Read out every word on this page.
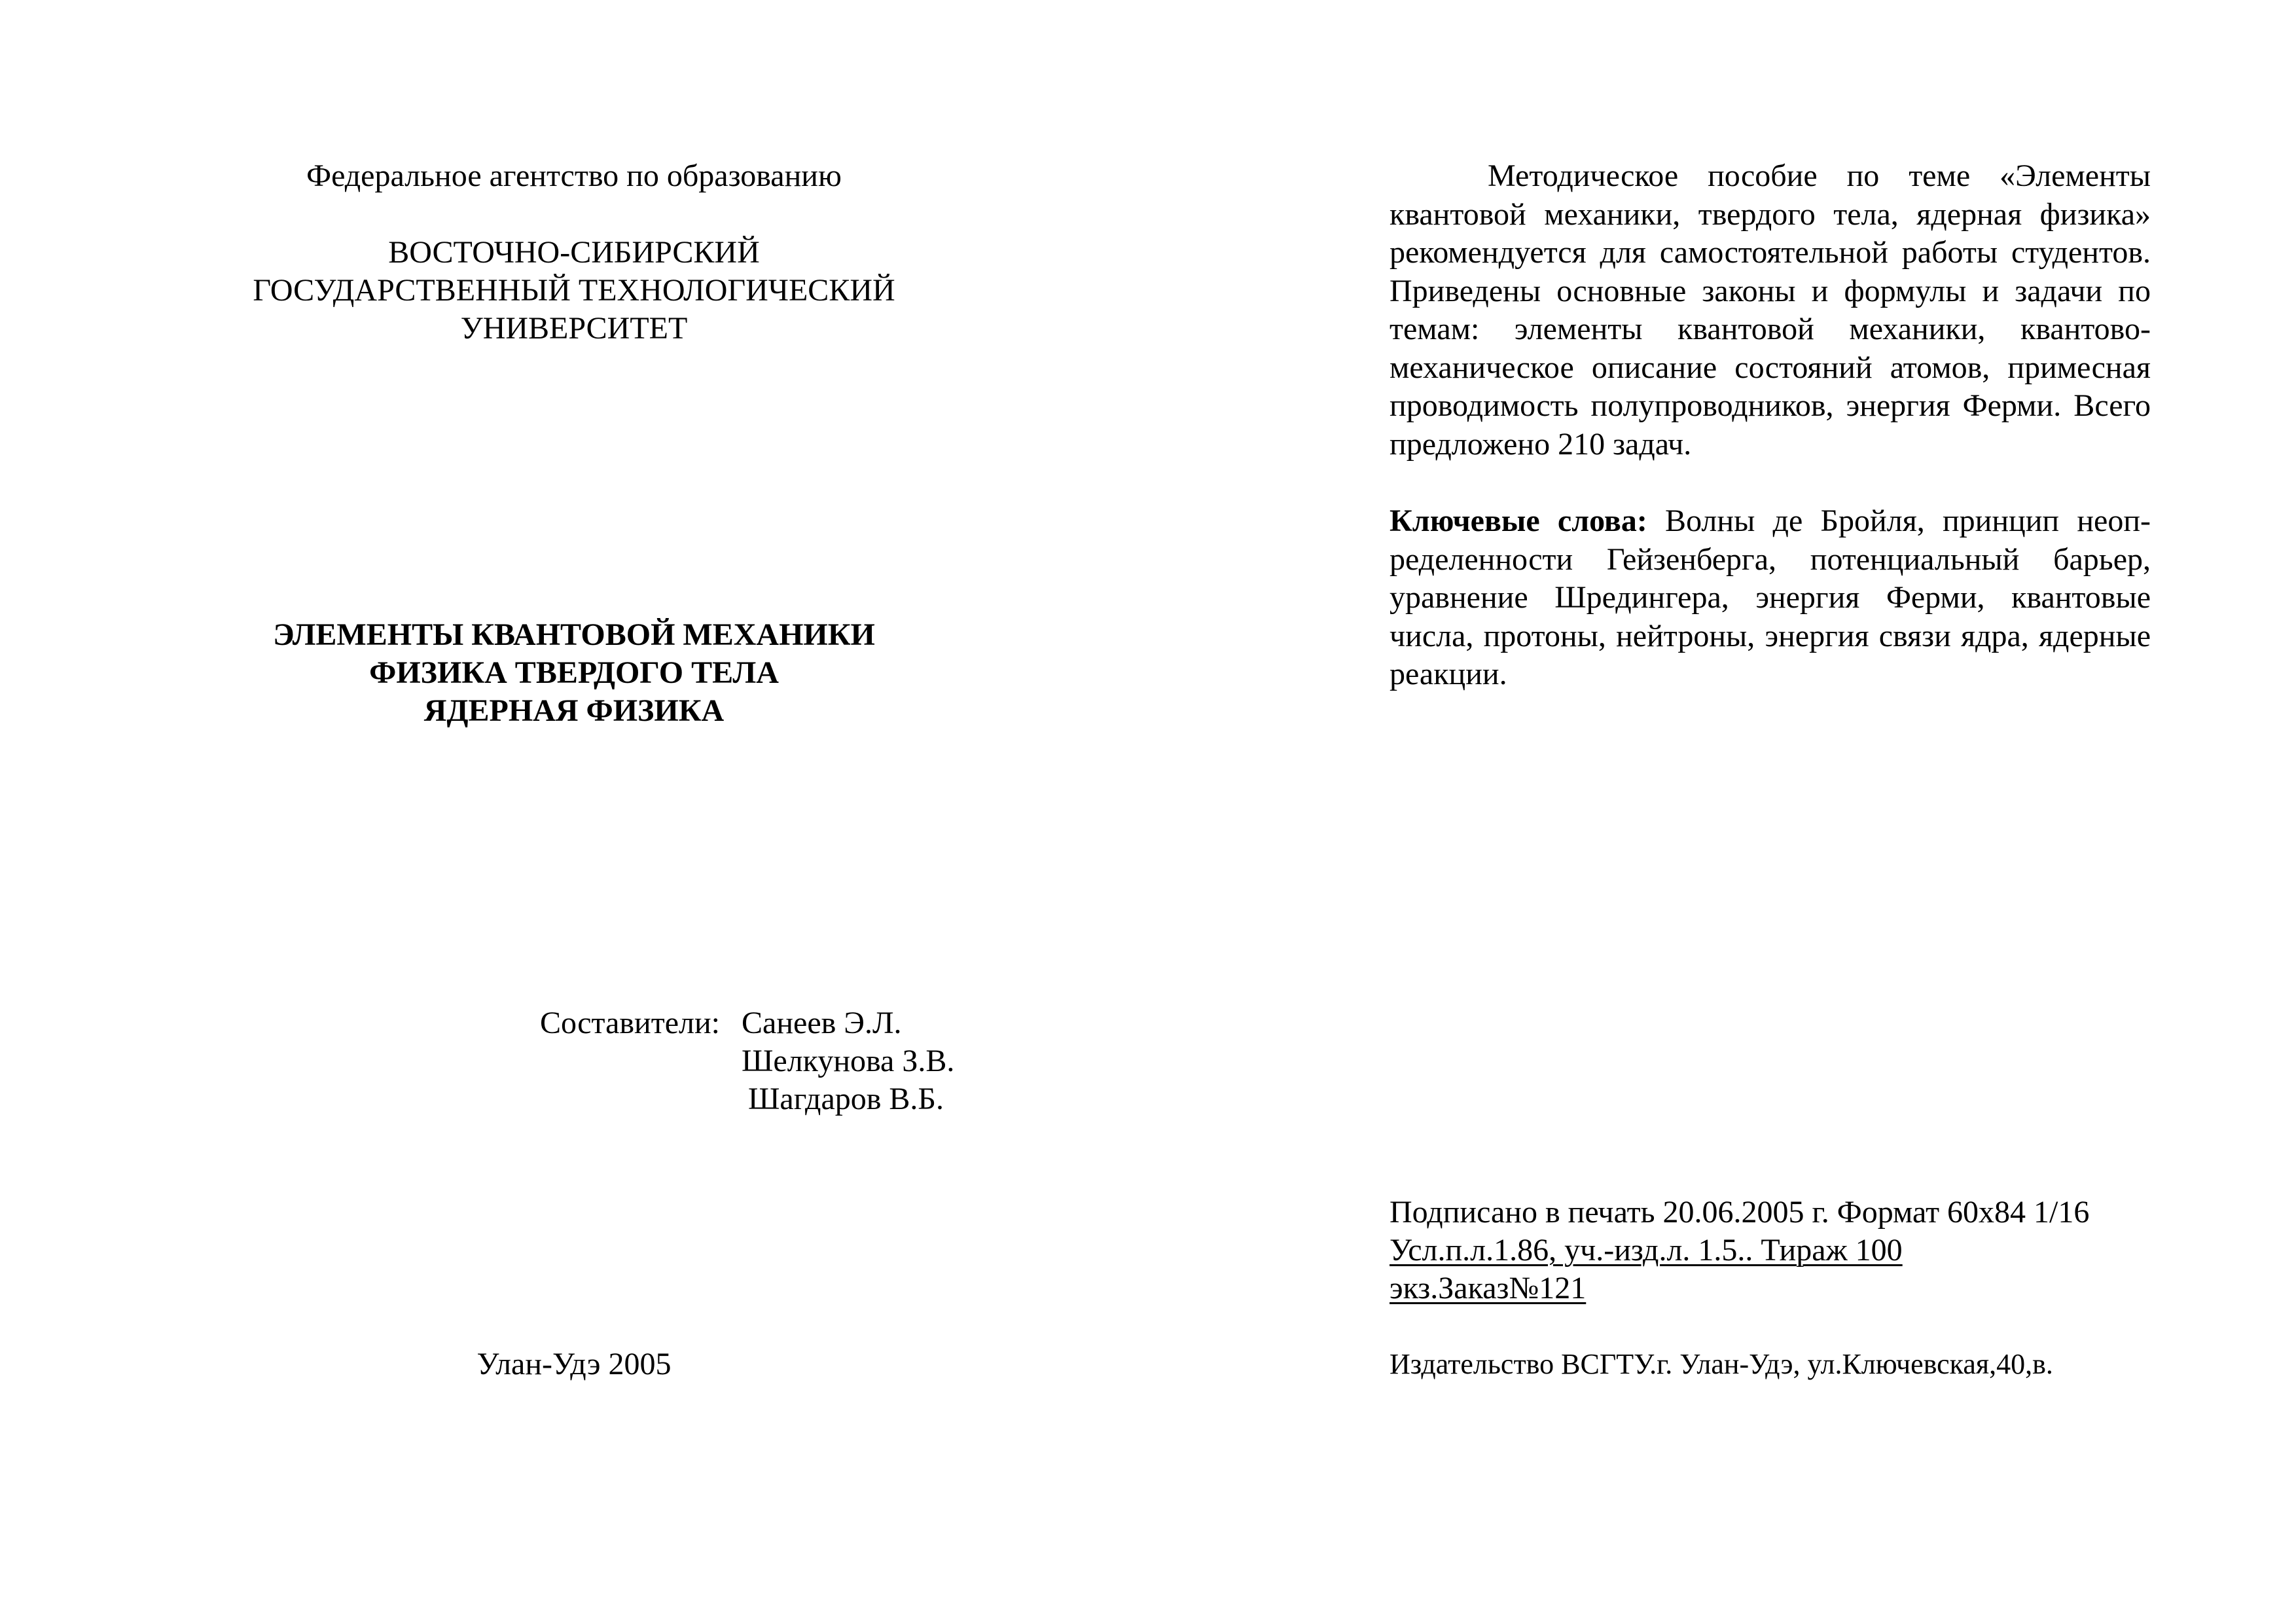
Федеральное агентство по образованию
ВОСТОЧНО-СИБИРСКИЙ
ГОСУДАРСТВЕННЫЙ ТЕХНОЛОГИЧЕСКИЙ
УНИВЕРСИТЕТ
ЭЛЕМЕНТЫ КВАНТОВОЙ МЕХАНИКИ
ФИЗИКА ТВЕРДОГО ТЕЛА
ЯДЕРНАЯ ФИЗИКА
Составители: Санеев Э.Л.
Шелкунова З.В.
Шагдаров В.Б.
Улан-Удэ 2005

Методическое пособие по теме «Элементы квантовой механики, твердого тела, ядерная физика» рекомендуется для самостоятельной работы студентов. Приведены основные законы и формулы и задачи по темам: элементы квантовой механики, квантово-механическое описание состояний атомов, примесная проводимость полупроводников, энергия Ферми. Всего предложено 210 задач.

Ключевые слова: Волны де Бройля, принцип неопределенности Гейзенберга, потенциальный барьер, уравнение Шредингера, энергия Ферми, квантовые числа, протоны, нейтроны, энергия связи ядра, ядерные реакции.

Подписано в печать 20.06.2005 г. Формат 60х84 1/16
Усл.п.л.1.86, уч.-изд.л. 1.5.. Тираж 100
экз.Заказ№121
Издательство ВСГТУ.г. Улан-Удэ, ул.Ключевская,40,в.
